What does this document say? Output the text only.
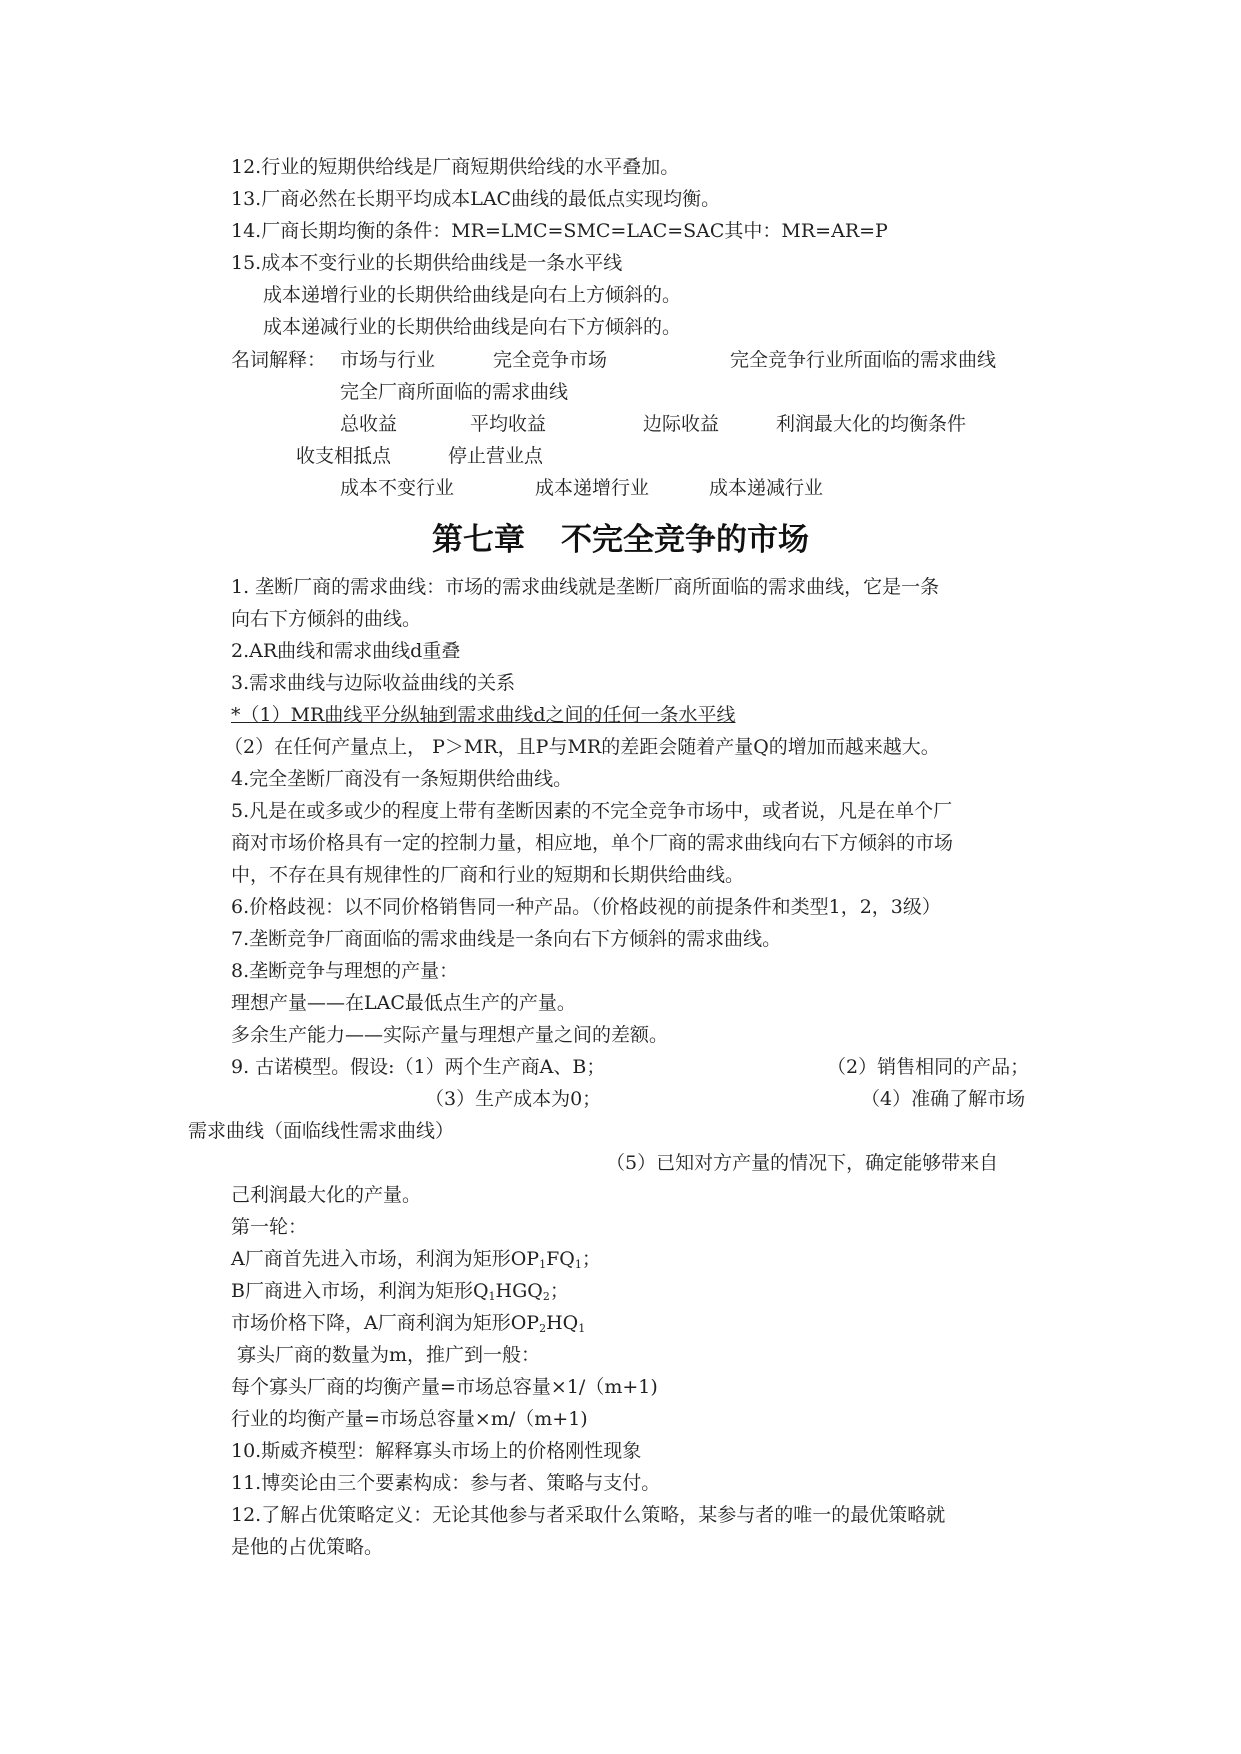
12.行业的短期供给线是厂商短期供给线的水平叠加。
13.厂商必然在长期平均成本LAC曲线的最低点实现均衡。
14.厂商长期均衡的条件：MR=LMC=SMC=LAC=SAC其中：MR=AR=P
15.成本不变行业的长期供给曲线是一条水平线
成本递增行业的长期供给曲线是向右上方倾斜的。
成本递减行业的长期供给曲线是向右下方倾斜的。
名词解释： 市场与行业	完全竞争市场	完全竞争行业所面临的需求曲线
完全厂商所面临的需求曲线
总收益	平均收益	边际收益	利润最大化的均衡条件
收支相抵点	停止营业点
成本不变行业	成本递增行业	成本递减行业
第七章 不完全竞争的市场
1. 垄断厂商的需求曲线：市场的需求曲线就是垄断厂商所面临的需求曲线，它是一条
向右下方倾斜的曲线。
2.AR曲线和需求曲线d重叠
3.需求曲线与边际收益曲线的关系
*（1）MR曲线平分纵轴到需求曲线d之间的任何一条水平线
（2）在任何产量点上， P＞MR，且P与MR的差距会随着产量Q的增加而越来越大。
4.完全垄断厂商没有一条短期供给曲线。
5.凡是在或多或少的程度上带有垄断因素的不完全竞争市场中，或者说，凡是在单个厂
商对市场价格具有一定的控制力量，相应地，单个厂商的需求曲线向右下方倾斜的市场
中，不存在具有规律性的厂商和行业的短期和长期供给曲线。
6.价格歧视：以不同价格销售同一种产品。（价格歧视的前提条件和类型1，2，3级）
7.垄断竞争厂商面临的需求曲线是一条向右下方倾斜的需求曲线。
8.垄断竞争与理想的产量：
理想产量——在LAC最低点生产的产量。
多余生产能力——实际产量与理想产量之间的差额。
9. 古诺模型。假设:（1）两个生产商A、B；	（2）销售相同的产品；
（3）生产成本为0；	（4）准确了解市场
需求曲线（面临线性需求曲线）
（5）已知对方产量的情况下，确定能够带来自
己利润最大化的产量。
第一轮：
A厂商首先进入市场，利润为矩形$OP_1FQ_1$；
B厂商进入市场，利润为矩形$Q_1HGQ_2$；
市场价格下降，A厂商利润为矩形$OP_2HQ_1$
寡头厂商的数量为m，推广到一般：
每个寡头厂商的均衡产量=市场总容量×1/（m+1)
行业的均衡产量=市场总容量×m/（m+1)
10.斯威齐模型：解释寡头市场上的价格刚性现象
11.博奕论由三个要素构成：参与者、策略与支付。
12.了解占优策略定义：无论其他参与者采取什么策略，某参与者的唯一的最优策略就
是他的占优策略。
